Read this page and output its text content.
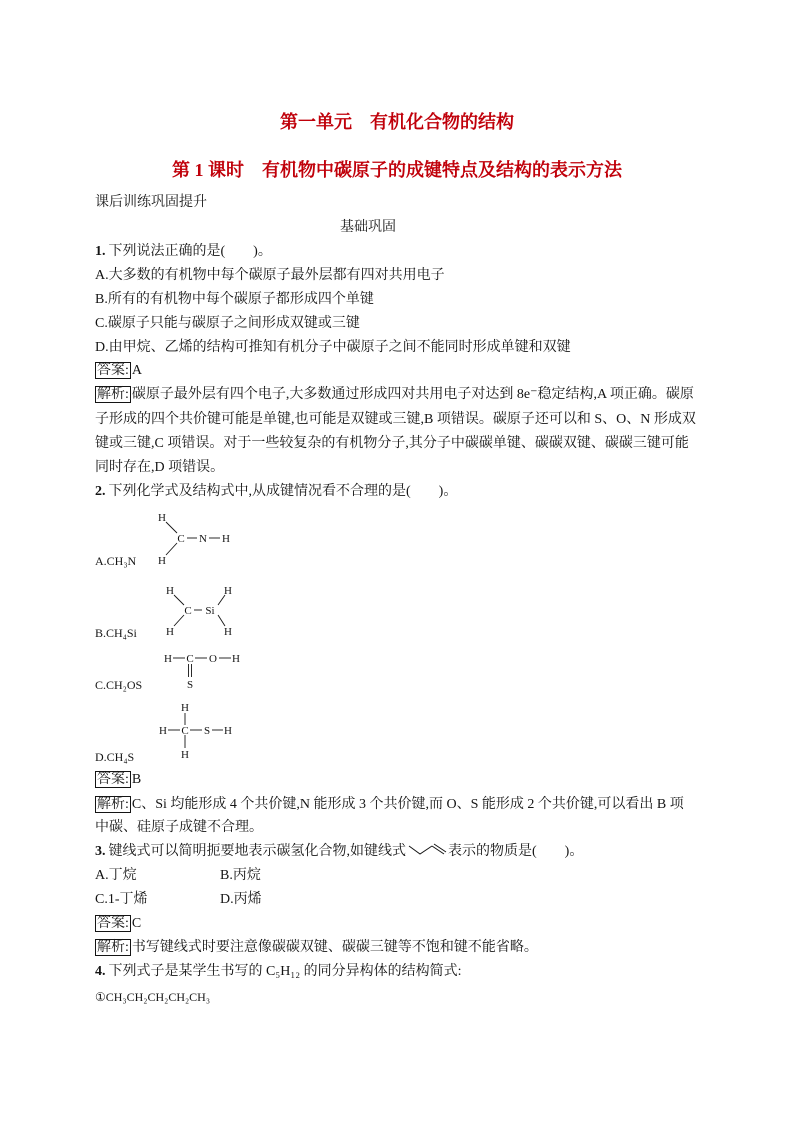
第一单元　有机化合物的结构
第 1 课时　有机物中碳原子的成键特点及结构的表示方法
课后训练巩固提升
基础巩固
1. 下列说法正确的是(　　)。
A.大多数的有机物中每个碳原子最外层都有四对共用电子
B.所有的有机物中每个碳原子都形成四个单键
C.碳原子只能与碳原子之间形成双键或三键
D.由甲烷、乙烯的结构可推知有机分子中碳原子之间不能同时形成单键和双键
答案: A
解析: 碳原子最外层有四个电子,大多数通过形成四对共用电子对达到 8e⁻稳定结构,A 项正确。碳原
子形成的四个共价键可能是单键,也可能是双键或三键,B 项错误。碳原子还可以和 S、O、N 形成双
键或三键,C 项错误。对于一些较复杂的有机物分子,其分子中碳碳单键、碳碳双键、碳碳三键可能
同时存在,D 项错误。
2. 下列化学式及结构式中,从成键情况看不合理的是(　　)。
H
C N H
H
A.CH₃N
H	H
C Si
H	H
B.CH₄Si
H C O H
S
C.CH₂OS
H
H C S H
H
D.CH₄S
答案: B
解析: C、Si 均能形成 4 个共价键,N 能形成 3 个共价键,而 O、S 能形成 2 个共价键,可以看出 B 项
中碳、硅原子成键不合理。
3. 键线式可以简明扼要地表示碳氢化合物,如键线式	表示的物质是(　　)。
A.丁烷	B.丙烷
C.1-丁烯	D.丙烯
答案: C
解析: 书写键线式时要注意像碳碳双键、碳碳三键等不饱和键不能省略。
4. 下列式子是某学生书写的 C₅H₁₂ 的同分异构体的结构简式:
①CH₃CH₂CH₂CH₂CH₃
